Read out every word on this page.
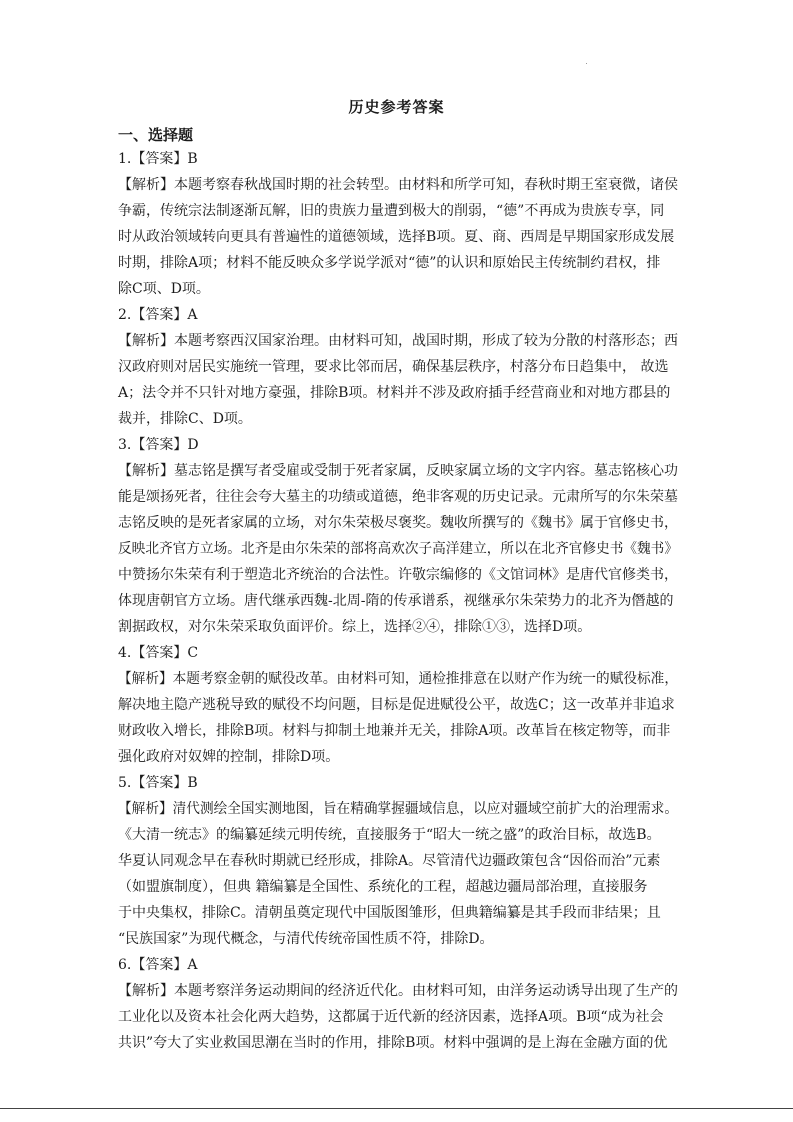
历史参考答案
一、选择题
1.【答案】B
【解析】本题考察春秋战国时期的社会转型。由材料和所学可知，春秋时期王室衰微，诸侯
争霸，传统宗法制逐渐瓦解，旧的贵族力量遭到极大的削弱，“德”不再成为贵族专享，同
时从政治领域转向更具有普遍性的道德领域，选择B项。夏、商、西周是早期国家形成发展
时期，排除A项；材料不能反映众多学说学派对“德”的认识和原始民主传统制约君权，排
除C项、D项。
2.【答案】A
【解析】本题考察西汉国家治理。由材料可知，战国时期，形成了较为分散的村落形态；西
汉政府则对居民实施统一管理，要求比邻而居，确保基层秩序，村落分布日趋集中， 故选
A；法令并不只针对地方豪强，排除B项。材料并不涉及政府插手经营商业和对地方郡县的
裁并，排除C、D项。
3.【答案】D
【解析】墓志铭是撰写者受雇或受制于死者家属，反映家属立场的文字内容。墓志铭核心功
能是颂扬死者，往往会夸大墓主的功绩或道德，绝非客观的历史记录。元肃所写的尔朱荣墓
志铭反映的是死者家属的立场，对尔朱荣极尽褒奖。魏收所撰写的《魏书》属于官修史书，
反映北齐官方立场。北齐是由尔朱荣的部将高欢次子高洋建立，所以在北齐官修史书《魏书》
中赞扬尔朱荣有利于塑造北齐统治的合法性。许敬宗编修的《文馆词林》是唐代官修类书，
体现唐朝官方立场。唐代继承西魏-北周-隋的传承谱系，视继承尔朱荣势力的北齐为僭越的
割据政权，对尔朱荣采取负面评价。综上，选择②④，排除①③，选择D项。
4.【答案】C
【解析】本题考察金朝的赋役改革。由材料可知，通检推排意在以财产作为统一的赋役标准，
解决地主隐产逃税导致的赋役不均问题，目标是促进赋役公平，故选C；这一改革并非追求
财政收入增长，排除B项。材料与抑制土地兼并无关，排除A项。改革旨在核定物等，而非
强化政府对奴婢的控制，排除D项。
5.【答案】B
【解析】清代测绘全国实测地图，旨在精确掌握疆域信息，以应对疆域空前扩大的治理需求。
《大清一统志》的编纂延续元明传统，直接服务于“昭大一统之盛”的政治目标，故选B。
华夏认同观念早在春秋时期就已经形成，排除A。尽管清代边疆政策包含“因俗而治”元素
（如盟旗制度），但典 籍编纂是全国性、系统化的工程，超越边疆局部治理，直接服务
于中央集权，排除C。清朝虽奠定现代中国版图雏形，但典籍编纂是其手段而非结果；且
“民族国家”为现代概念，与清代传统帝国性质不符，排除D。
6.【答案】A
【解析】本题考察洋务运动期间的经济近代化。由材料可知，由洋务运动诱导出现了生产的
工业化以及资本社会化两大趋势，这都属于近代新的经济因素，选择A项。B项“成为社会
共识”夸大了实业救国思潮在当时的作用，排除B项。材料中强调的是上海在金融方面的优
